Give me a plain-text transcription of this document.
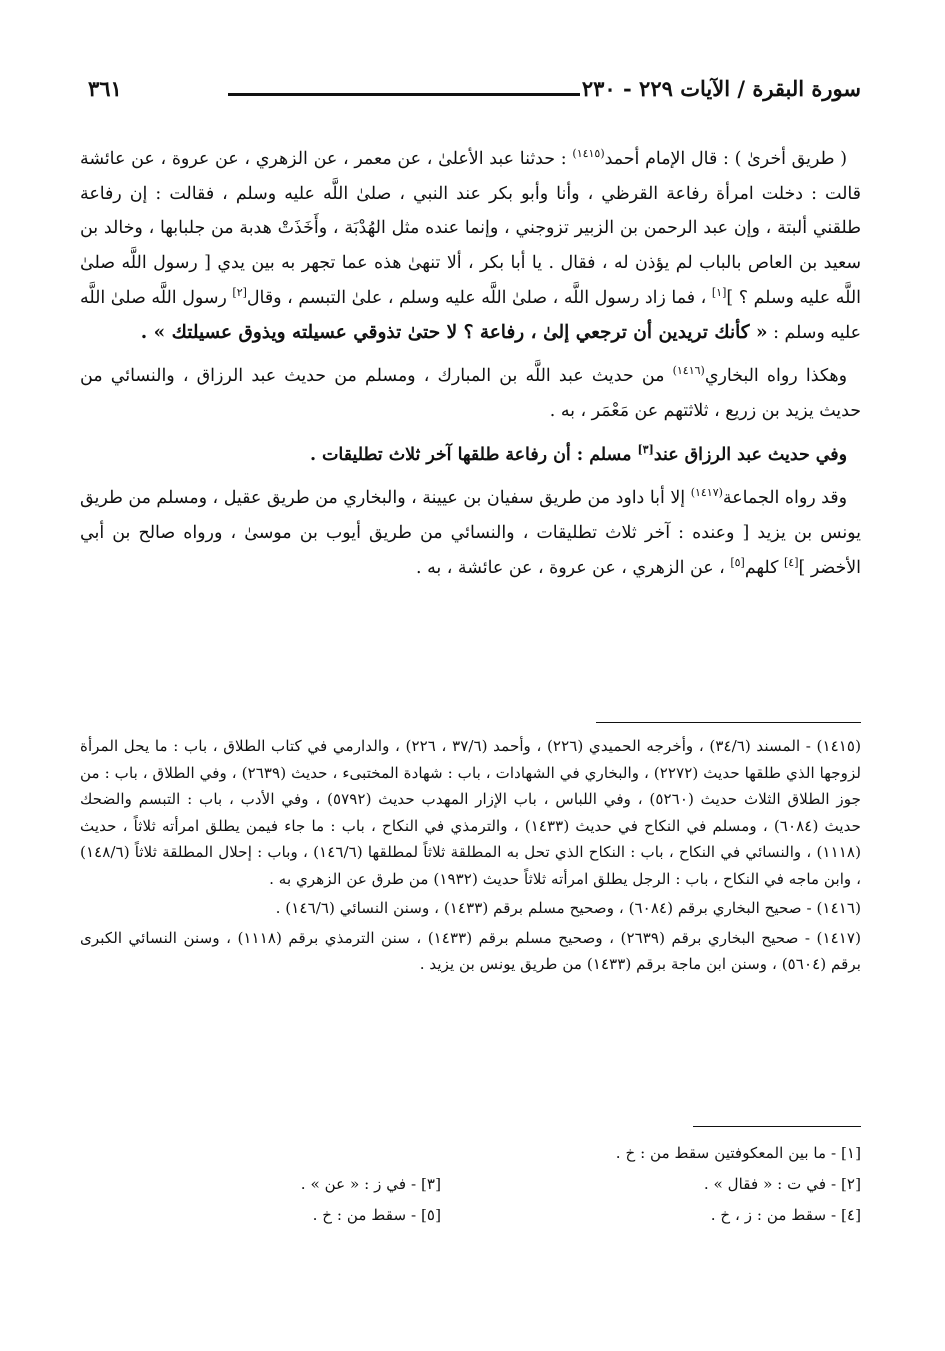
سورة البقرة / الآيات ٢٢٩ - ٢٣٠
٣٦١

( طريق أخرىٰ ) : قال الإمام أحمد$^{(١٤١٥)}$ : حدثنا عبد الأعلىٰ ، عن معمر ، عن الزهري ، عن عروة ، عن عائشة قالت : دخلت امرأة رفاعة القرظي ، وأنا وأبو بكر عند النبي ، صلىٰ اللَّه عليه وسلم ، فقالت : إن رفاعة طلقني ألبتة ، وإن عبد الرحمن بن الزبير تزوجني ، وإنما عنده مثل الهُدْبَة ، وأَخَذَتْ هدبة من جلبابها ، وخالد بن سعيد بن العاص بالباب لم يؤذن له ، فقال . يا أبا بكر ، ألا تنهىٰ هذه عما تجهر به بين يدي [ رسول اللَّه صلىٰ اللَّه عليه وسلم ؟ ][١] ، فما زاد رسول اللَّه ، صلىٰ اللَّه عليه وسلم ، علىٰ التبسم ، وقال[٢] رسول اللَّه صلىٰ اللَّه عليه وسلم : « كأنك تريدين أن ترجعي إلىٰ ، رفاعة ؟ لا حتىٰ تذوقي عسيلته ويذوق عسيلتك » .

وهكذا رواه البخاري$^{(١٤١٦)}$ من حديث عبد اللَّه بن المبارك ، ومسلم من حديث عبد الرزاق ، والنسائي من حديث يزيد بن زريع ، ثلاثتهم عن مَعْمَر ، به .

وفي حديث عبد الرزاق عند[٣] مسلم : أن رفاعة طلقها آخر ثلاث تطليقات .

وقد رواه الجماعة$^{(١٤١٧)}$ إلا أبا داود من طريق سفيان بن عيينة ، والبخاري من طريق عقيل ، ومسلم من طريق يونس بن يزيد [ وعنده : آخر ثلاث تطليقات ، والنسائي من طريق أيوب بن موسىٰ ، ورواه صالح بن أبي الأخضر ][٤] كلهم[٥] ، عن الزهري ، عن عروة ، عن عائشة ، به .

(١٤١٥) - المسند (٣٤/٦) ، وأخرجه الحميدي (٢٢٦) ، وأحمد (٣٧/٦ ، ٢٢٦) ، والدارمي في كتاب الطلاق ، باب : ما يحل المرأة لزوجها الذي طلقها حديث (٢٢٧٢) ، والبخاري في الشهادات ، باب : شهادة المختبىء ، حديث (٢٦٣٩) ، وفي الطلاق ، باب : من جوز الطلاق الثلاث حديث (٥٢٦٠) ، وفي اللباس ، باب الإزار المهدب حديث (٥٧٩٢) ، وفي الأدب ، باب : التبسم والضحك حديث (٦٠٨٤) ، ومسلم في النكاح في حديث (١٤٣٣) ، والترمذي في النكاح ، باب : ما جاء فيمن يطلق امرأته ثلاثاً ، حديث (١١١٨) ، والنسائي في النكاح ، باب : النكاح الذي تحل به المطلقة ثلاثاً لمطلقها (١٤٦/٦) ، وباب : إحلال المطلقة ثلاثاً (١٤٨/٦) ، وابن ماجه في النكاح ، باب : الرجل يطلق امرأته ثلاثاً حديث (١٩٣٢) من طرق عن الزهري به .

(١٤١٦) - صحيح البخاري برقم (٦٠٨٤) ، وصحيح مسلم برقم (١٤٣٣) ، وسنن النسائي (١٤٦/٦) .

(١٤١٧) - صحيح البخاري برقم (٢٦٣٩) ، وصحيح مسلم برقم (١٤٣٣) ، سنن الترمذي برقم (١١١٨) ، وسنن النسائي الكبرى برقم (٥٦٠٤) ، وسنن ابن ماجة برقم (١٤٣٣) من طريق يونس بن يزيد .

[١] - ما بين المعكوفتين سقط من : خ .
[٢] - في ت : « فقال » .
[٣] - في ز : « عن » .
[٤] - سقط من : ز ، خ .
[٥] - سقط من : خ .
